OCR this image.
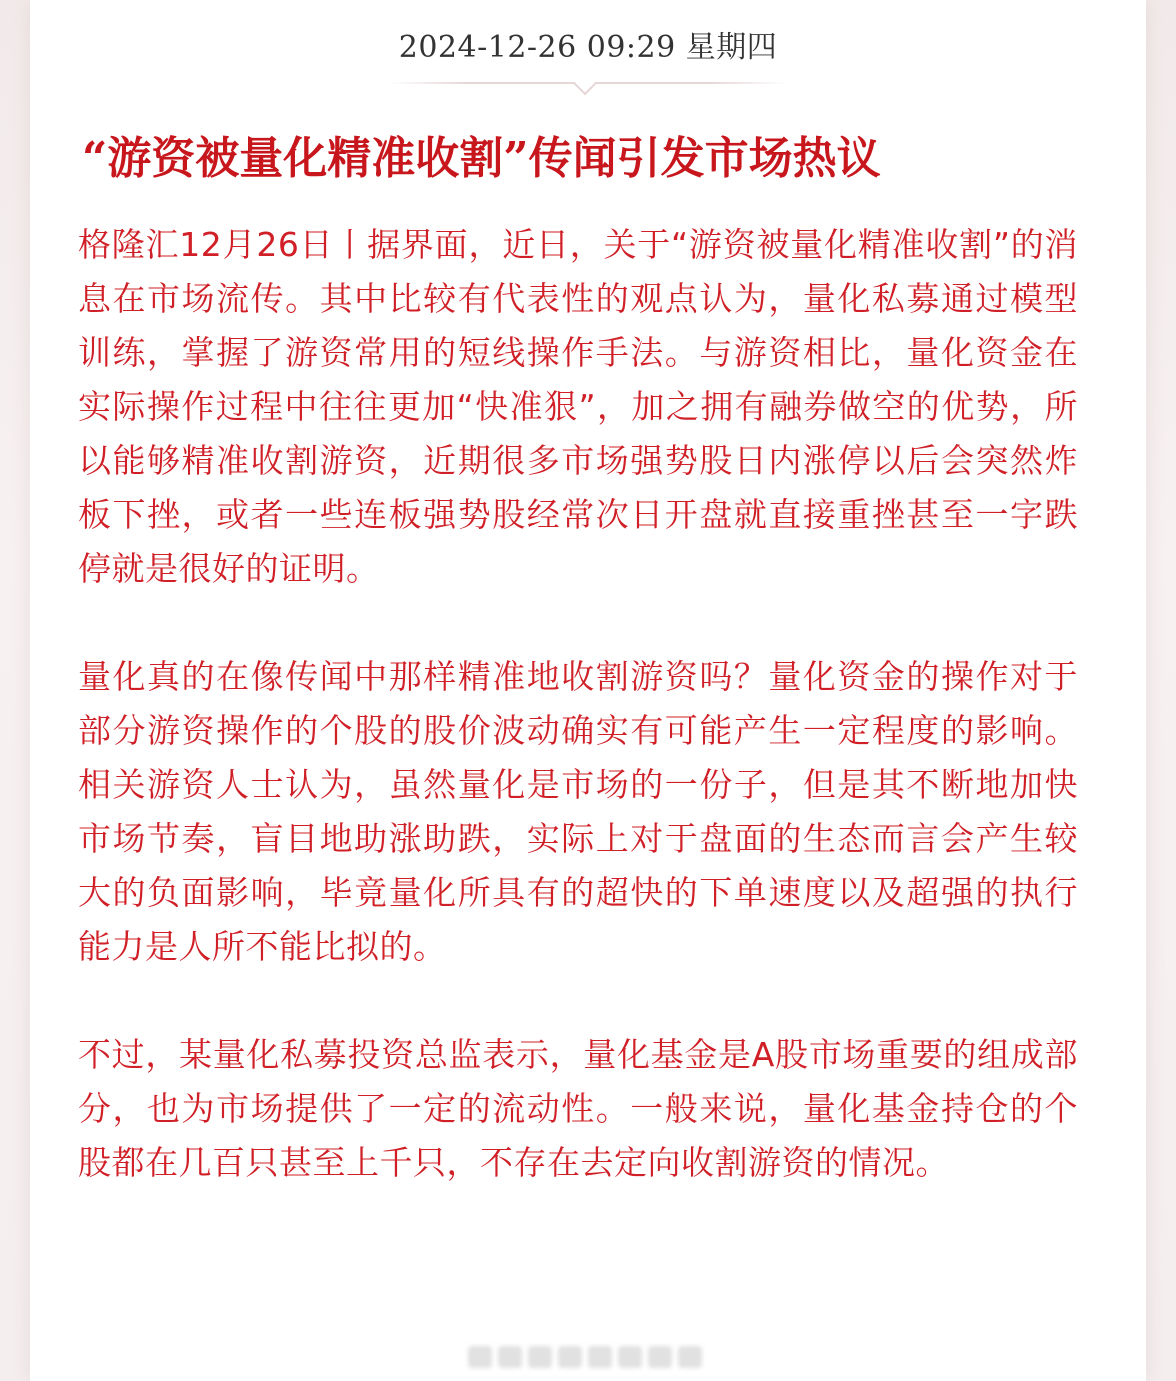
2024-12-26 09:29 星期四
“游资被量化精准收割”传闻引发市场热议

格隆汇12月26日丨据界面，近日，关于“游资被量化精准收割”的消息在市场流传。其中比较有代表性的观点认为，量化私募通过模型训练，掌握了游资常用的短线操作手法。与游资相比，量化资金在实际操作过程中往往更加“快准狠”，加之拥有融券做空的优势，所以能够精准收割游资，近期很多市场强势股日内涨停以后会突然炸板下挫，或者一些连板强势股经常次日开盘就直接重挫甚至一字跌停就是很好的证明。

量化真的在像传闻中那样精准地收割游资吗？量化资金的操作对于部分游资操作的个股的股价波动确实有可能产生一定程度的影响。相关游资人士认为，虽然量化是市场的一份子，但是其不断地加快市场节奏，盲目地助涨助跌，实际上对于盘面的生态而言会产生较大的负面影响，毕竟量化所具有的超快的下单速度以及超强的执行能力是人所不能比拟的。

不过，某量化私募投资总监表示，量化基金是A股市场重要的组成部分，也为市场提供了一定的流动性。一般来说，量化基金持仓的个股都在几百只甚至上千只，不存在去定向收割游资的情况。
